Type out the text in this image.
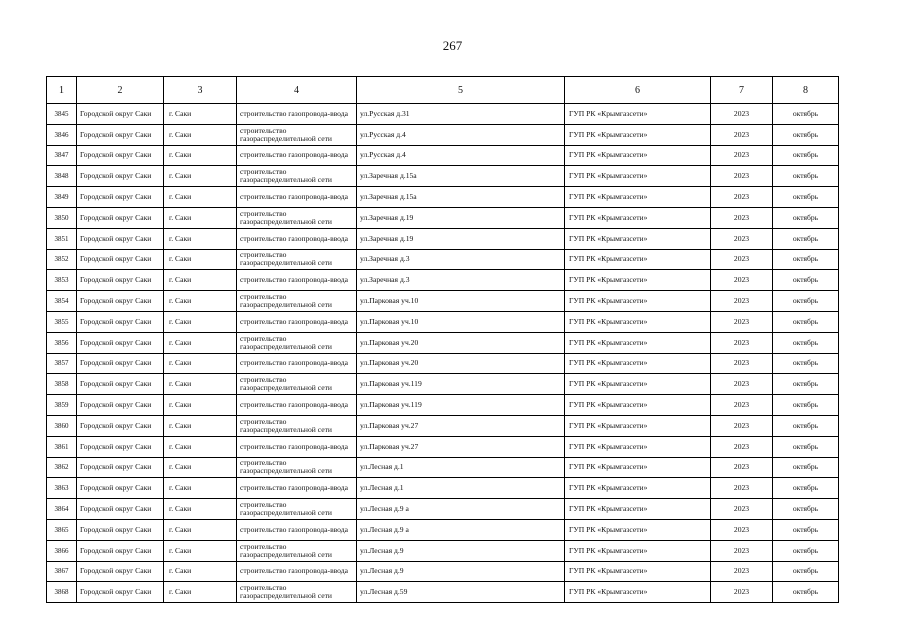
267
1	2	3	4	5	6	7	8
3845	Городской округ Саки	г. Саки	строительство газопровода-ввода	ул.Русская д.31	ГУП РК «Крымгазсети»	2023	октябрь
3846	Городской округ Саки	г. Саки	строительство газораспределительной сети	ул.Русская д.4	ГУП РК «Крымгазсети»	2023	октябрь
3847	Городской округ Саки	г. Саки	строительство газопровода-ввода	ул.Русская д.4	ГУП РК «Крымгазсети»	2023	октябрь
3848	Городской округ Саки	г. Саки	строительство газораспределительной сети	ул.Заречная д.15а	ГУП РК «Крымгазсети»	2023	октябрь
3849	Городской округ Саки	г. Саки	строительство газопровода-ввода	ул.Заречная д.15а	ГУП РК «Крымгазсети»	2023	октябрь
3850	Городской округ Саки	г. Саки	строительство газораспределительной сети	ул.Заречная д.19	ГУП РК «Крымгазсети»	2023	октябрь
3851	Городской округ Саки	г. Саки	строительство газопровода-ввода	ул.Заречная д.19	ГУП РК «Крымгазсети»	2023	октябрь
3852	Городской округ Саки	г. Саки	строительство газораспределительной сети	ул.Заречная д.3	ГУП РК «Крымгазсети»	2023	октябрь
3853	Городской округ Саки	г. Саки	строительство газопровода-ввода	ул.Заречная д.3	ГУП РК «Крымгазсети»	2023	октябрь
3854	Городской округ Саки	г. Саки	строительство газораспределительной сети	ул.Парковая уч.10	ГУП РК «Крымгазсети»	2023	октябрь
3855	Городской округ Саки	г. Саки	строительство газопровода-ввода	ул.Парковая уч.10	ГУП РК «Крымгазсети»	2023	октябрь
3856	Городской округ Саки	г. Саки	строительство газораспределительной сети	ул.Парковая уч.20	ГУП РК «Крымгазсети»	2023	октябрь
3857	Городской округ Саки	г. Саки	строительство газопровода-ввода	ул.Парковая уч.20	ГУП РК «Крымгазсети»	2023	октябрь
3858	Городской округ Саки	г. Саки	строительство газораспределительной сети	ул.Парковая уч.119	ГУП РК «Крымгазсети»	2023	октябрь
3859	Городской округ Саки	г. Саки	строительство газопровода-ввода	ул.Парковая уч.119	ГУП РК «Крымгазсети»	2023	октябрь
3860	Городской округ Саки	г. Саки	строительство газораспределительной сети	ул.Парковая уч.27	ГУП РК «Крымгазсети»	2023	октябрь
3861	Городской округ Саки	г. Саки	строительство газопровода-ввода	ул.Парковая уч.27	ГУП РК «Крымгазсети»	2023	октябрь
3862	Городской округ Саки	г. Саки	строительство газораспределительной сети	ул.Лесная д.1	ГУП РК «Крымгазсети»	2023	октябрь
3863	Городской округ Саки	г. Саки	строительство газопровода-ввода	ул.Лесная д.1	ГУП РК «Крымгазсети»	2023	октябрь
3864	Городской округ Саки	г. Саки	строительство газораспределительной сети	ул.Лесная д.9 а	ГУП РК «Крымгазсети»	2023	октябрь
3865	Городской округ Саки	г. Саки	строительство газопровода-ввода	ул.Лесная д.9 а	ГУП РК «Крымгазсети»	2023	октябрь
3866	Городской округ Саки	г. Саки	строительство газораспределительной сети	ул.Лесная д.9	ГУП РК «Крымгазсети»	2023	октябрь
3867	Городской округ Саки	г. Саки	строительство газопровода-ввода	ул.Лесная д.9	ГУП РК «Крымгазсети»	2023	октябрь
3868	Городской округ Саки	г. Саки	строительство газораспределительной сети	ул.Лесная д.59	ГУП РК «Крымгазсети»	2023	октябрь
